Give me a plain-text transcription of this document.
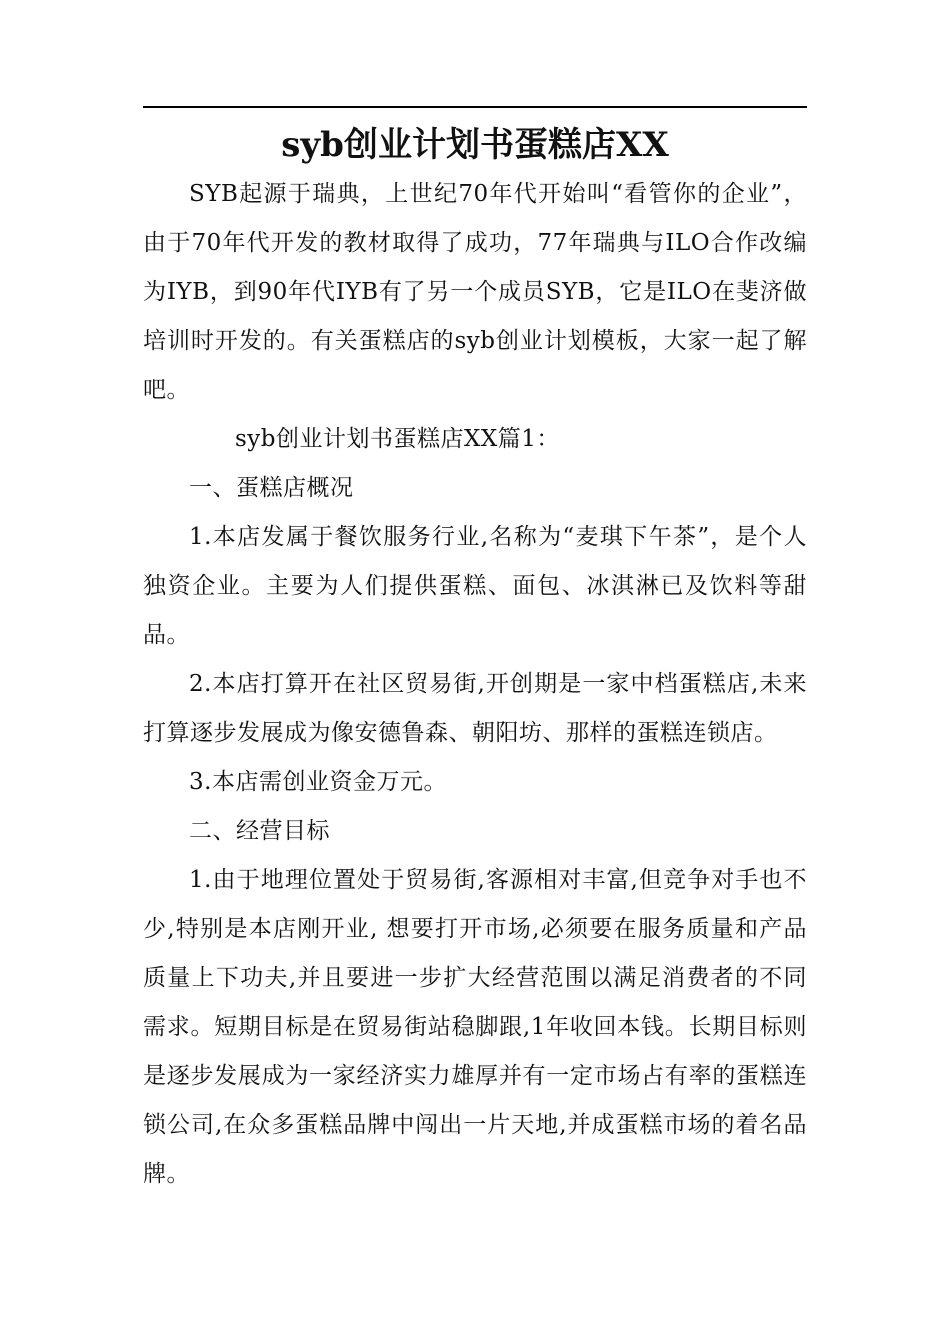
syb创业计划书蛋糕店XX

SYB起源于瑞典，上世纪70年代开始叫“看管你的企业”，由于70年代开发的教材取得了成功，77年瑞典与ILO合作改编为IYB，到90年代IYB有了另一个成员SYB，它是ILO在斐济做培训时开发的。有关蛋糕店的syb创业计划模板，大家一起了解吧。

syb创业计划书蛋糕店XX篇1：一、蛋糕店概况

1.本店发属于餐饮服务行业,名称为“麦琪下午茶”，是个人独资企业。主要为人们提供蛋糕、面包、冰淇淋已及饮料等甜品。

2.本店打算开在社区贸易街,开创期是一家中档蛋糕店,未来打算逐步发展成为像安德鲁森、朝阳坊、那样的蛋糕连锁店。

3.本店需创业资金万元。

二、经营目标

1.由于地理位置处于贸易街,客源相对丰富,但竞争对手也不少,特别是本店刚开业, 想要打开市场,必须要在服务质量和产品质量上下功夫,并且要进一步扩大经营范围以满足消费者的不同需求。短期目标是在贸易街站稳脚跟,1年收回本钱。长期目标则是逐步发展成为一家经济实力雄厚并有一定市场占有率的蛋糕连锁公司,在众多蛋糕品牌中闯出一片天地,并成蛋糕市场的着名品牌。
